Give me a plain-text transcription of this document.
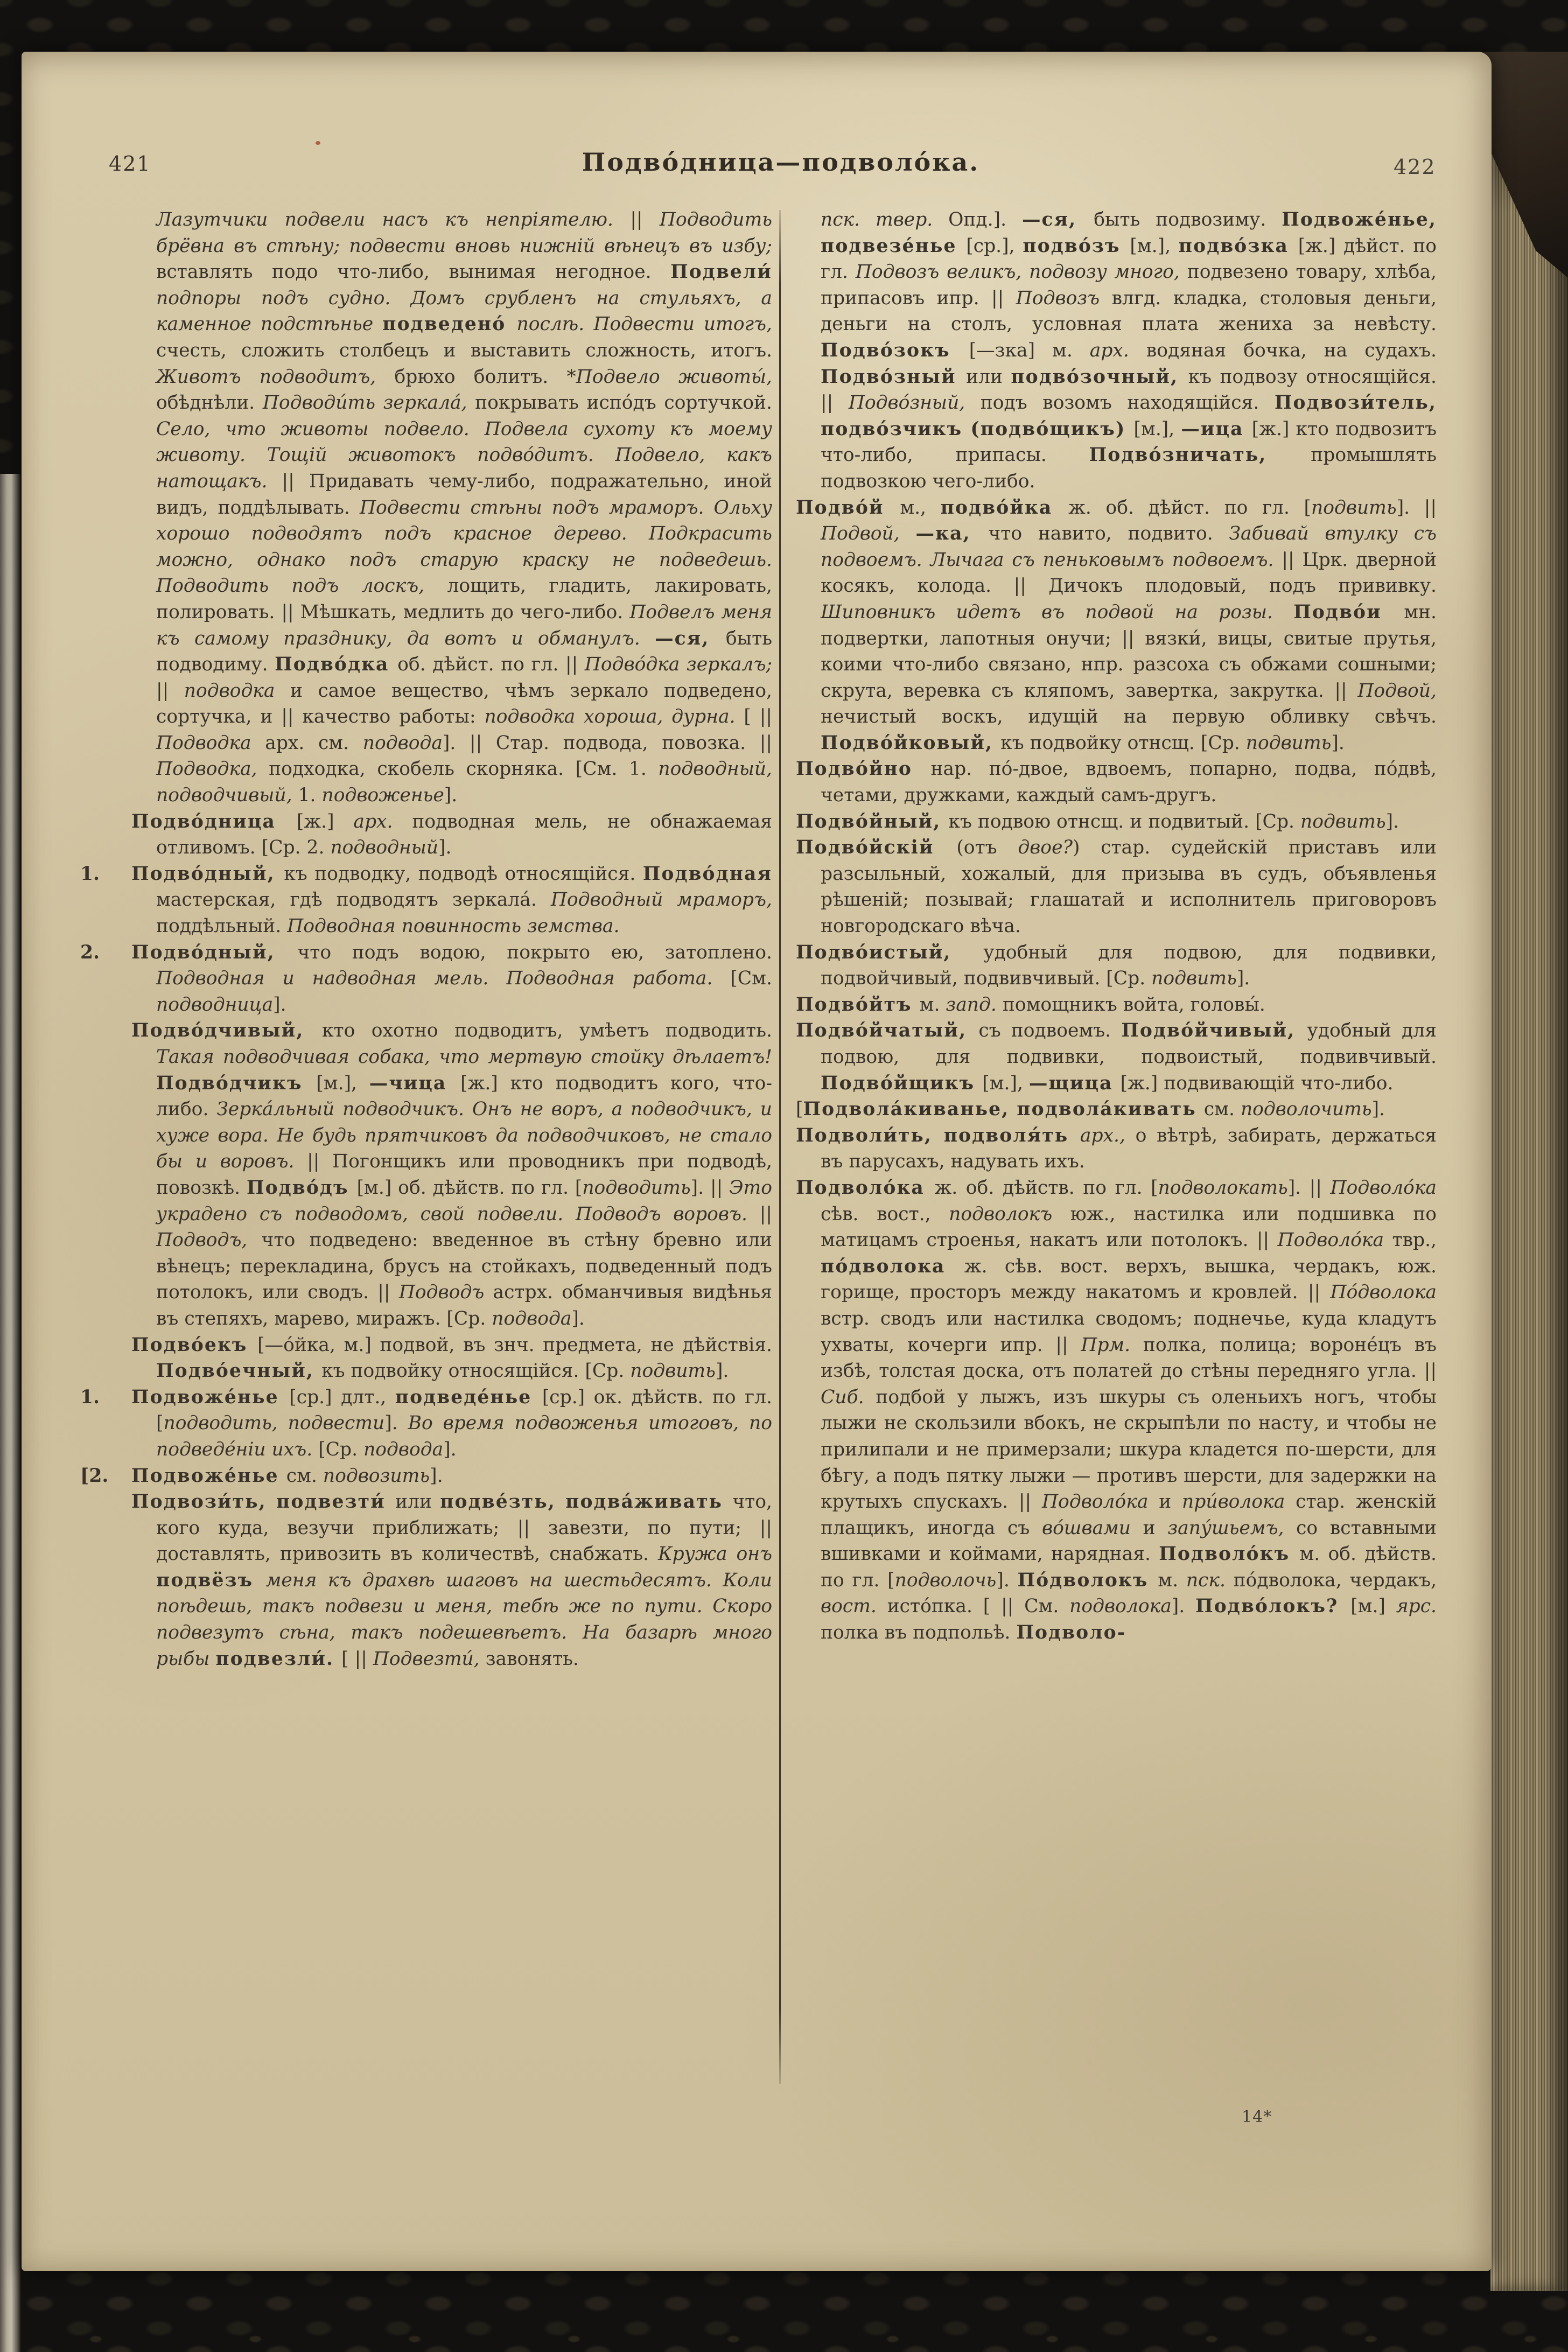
421	Подво́дница—подволо́ка.	422

Лазутчики подвели насъ къ непріятелю. || Подводить брёвна въ стѣну; подвести вновь нижній вѣнецъ въ избу; вставлять подо что-либо, вынимая негодное. Подвели́ подпоры подъ судно. Домъ срубленъ на стульяхъ, а каменное подстѣнье подведено́ послѣ. Подвести итогъ, счесть, сложить столбецъ и выставить сложность, итогъ. Животъ подводитъ, брюхо болитъ. *Подвело животы́, обѣднѣли. Подводи́ть зеркала́, покрывать испо́дъ сортучкой. Село, что животы подвело. Подвела сухоту къ моему животу. Тощій животокъ подво́дитъ. Подвело, какъ натощакъ. || Придавать чему-либо, подражательно, иной видъ, поддѣлывать. Подвести стѣны подъ мраморъ. Ольху хорошо подводятъ подъ красное дерево. Подкрасить можно, однако подъ старую краску не подведешь. Подводить подъ лоскъ, лощить, гладить, лакировать, полировать. || Мѣшкать, медлить до чего-либо. Подвелъ меня къ самому празднику, да вотъ и обманулъ. —ся, быть подводиму. Подво́дка об. дѣйст. по гл. || Подво́дка зеркалъ; || подводка и самое вещество, чѣмъ зеркало подведено, сортучка, и || качество работы: подводка хороша, дурна. [ || Подводка арх. см. подвода]. || Стар. подвода, повозка. || Подводка, подходка, скобель скорняка. [См. 1. подводный, подводчивый, 1. подвоженье].

Подво́дница [ж.] арх. подводная мель, не обнажаемая отливомъ. [Ср. 2. подводный].

1.Подво́дный, къ подводку, подводѣ относящійся. Подво́дная мастерская, гдѣ подводятъ зеркала́. Подводный мраморъ, поддѣльный. Подводная повинность земства.

2.Подво́дный, что подъ водою, покрыто ею, затоплено. Подводная и надводная мель. Подводная работа. [См. подводница].

Подво́дчивый, кто охотно подводитъ, умѣетъ подводить. Такая подводчивая собака, что мертвую стойку дѣлаетъ! Подво́дчикъ [м.], —чица [ж.] кто подводитъ кого, что-либо. Зерка́льный подводчикъ. Онъ не воръ, а подводчикъ, и хуже вора. Не будь прятчиковъ да подводчиковъ, не стало бы и воровъ. || Погонщикъ или проводникъ при подводѣ, повозкѣ. Подво́дъ [м.] об. дѣйств. по гл. [подводить]. || Это украдено съ подводомъ, свой подвели. Подводъ воровъ. || Подводъ, что подведено: введенное въ стѣну бревно или вѣнецъ; перекладина, брусъ на стойкахъ, подведенный подъ потолокъ, или сводъ. || Подводъ астрх. обманчивыя видѣнья въ степяхъ, марево, миражъ. [Ср. подвода].

Подво́екъ [—о́йка, м.] подвой, въ знч. предмета, не дѣйствія. Подво́ечный, къ подвойку относящійся. [Ср. подвить].

1.Подвоже́нье [ср.] длт., подведе́нье [ср.] ок. дѣйств. по гл. [подводить, подвести]. Во время подвоженья итоговъ, по подведе́ніи ихъ. [Ср. подвода].

[2.Подвоже́нье см. подвозить].

Подвози́ть, подвезти́ или подве́зть, подва́живать что, кого куда, везучи приближать; || завезти, по пути; || доставлять, привозить въ количествѣ, снабжать. Кружа онъ подвёзъ меня къ драхвѣ шаговъ на шестьдесятъ. Коли поѣдешь, такъ подвези и меня, тебѣ же по пути. Скоро подвезутъ сѣна, такъ подешевѣетъ. На базарѣ много рыбы подвезли́. [ || Подвезти́, завонять.

пск. твер. Опд.]. —ся, быть подвозиму. Подвоже́нье, подвезе́нье [ср.], подво́зъ [м.], подво́зка [ж.] дѣйст. по гл. Подвозъ великъ, подвозу много, подвезено товару, хлѣба, припасовъ ипр. || Подвозъ влгд. кладка, столовыя деньги, деньги на столъ, условная плата жениха за невѣсту. Подво́зокъ [—зка] м. арх. водяная бочка, на судахъ. Подво́зный или подво́зочный, къ подвозу относящійся. || Подво́зный, подъ возомъ находящійся. Подвози́тель, подво́зчикъ (подво́щикъ) [м.], —ица [ж.] кто подвозитъ что-либо, припасы. Подво́зничать, промышлять подвозкою чего-либо.

Подво́й м., подво́йка ж. об. дѣйст. по гл. [подвить]. || Подвой, —ка, что навито, подвито. Забивай втулку съ подвоемъ. Лычага съ пеньковымъ подвоемъ. || Црк. дверной косякъ, колода. || Дичокъ плодовый, подъ прививку. Шиповникъ идетъ въ подвой на розы. Подво́и мн. подвертки, лапотныя онучи; || вязки́, вицы, свитые прутья, коими что-либо связано, нпр. разсоха съ обжами сошными; скрута, веревка съ кляпомъ, завертка, закрутка. || Подвой, нечистый воскъ, идущій на первую обливку свѣчъ. Подво́йковый, къ подвойку отнсщ. [Ср. подвить].

Подво́йно нар. по́-двое, вдвоемъ, попарно, подва, по́двѣ, четами, дружками, каждый самъ-другъ.

Подво́йный, къ подвою отнсщ. и подвитый. [Ср. подвить].

Подво́йскій (отъ двое?) стар. судейскій приставъ или разсыльный, хожалый, для призыва въ судъ, объявленья рѣшеній; позывай; глашатай и исполнитель приговоровъ новгородскаго вѣча.

Подво́истый, удобный для подвою, для подвивки, подвойчивый, подвивчивый. [Ср. подвить].

Подво́йтъ м. запд. помощникъ войта, головы́.

Подво́йчатый, съ подвоемъ. Подво́йчивый, удобный для подвою, для подвивки, подвоистый, подвивчивый. Подво́йщикъ [м.], —щица [ж.] подвивающій что-либо.

[Подвола́киванье, подвола́кивать см. подволочить].

Подволи́ть, подволя́ть арх., о вѣтрѣ, забирать, держаться въ парусахъ, надувать ихъ.

Подволо́ка ж. об. дѣйств. по гл. [подволокать]. || Подволо́ка сѣв. вост., подволокъ юж., настилка или подшивка по матицамъ строенья, накатъ или потолокъ. || Подволо́ка твр., по́дволока ж. сѣв. вост. верхъ, вышка, чердакъ, юж. горище, просторъ между накатомъ и кровлей. || По́дволока встр. сводъ или настилка сводомъ; поднечье, куда кладутъ ухваты, кочерги ипр. || Прм. полка, полица; вороне́цъ въ избѣ, толстая доска, отъ полатей до стѣны передняго угла. || Сиб. подбой у лыжъ, изъ шкуры съ оленьихъ ногъ, чтобы лыжи не скользили вбокъ, не скрыпѣли по насту, и чтобы не прилипали и не примерзали; шкура кладется по-шерсти, для бѣгу, а подъ пятку лыжи — противъ шерсти, для задержки на крутыхъ спускахъ. || Подволо́ка и при́волока стар. женскій плащикъ, иногда съ во́швами и запу́шьемъ, со вставными вшивками и коймами, нарядная. Подволо́къ м. об. дѣйств. по гл. [подволочь]. По́дволокъ м. пск. по́дволока, чердакъ, вост. исто́пка. [ || См. подволока]. Подво́локъ? [м.] ярс. полка въ подпольѣ. Подволо-

14*
